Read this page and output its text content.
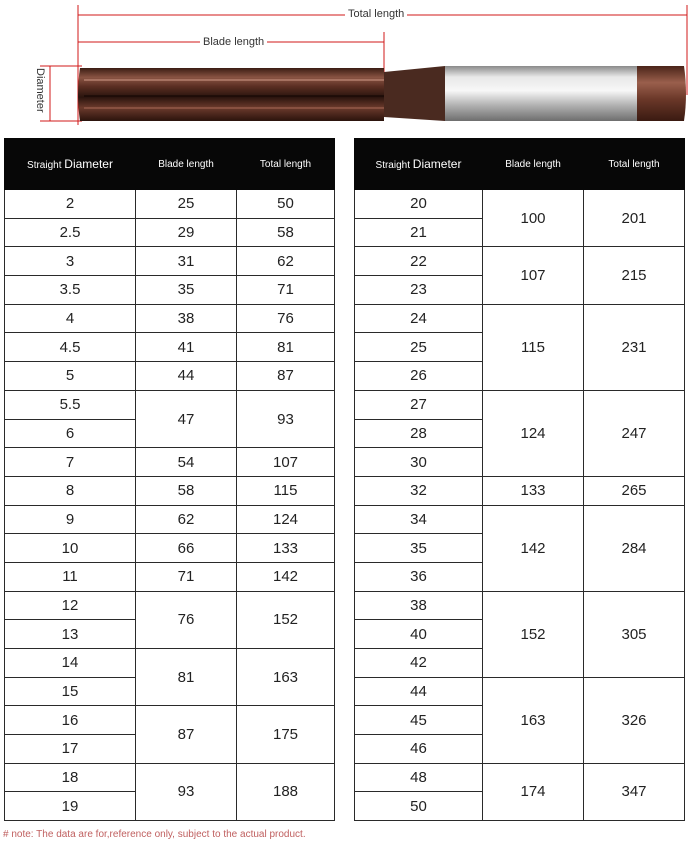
Total length
Blade length
Diameter
Straight Diameter	Blade length	Total length
2	25	50
2.5	29	58
3	31	62
3.5	35	71
4	38	76
4.5	41	81
5	44	87
5.5	47	93
6		
7	54	107
8	58	115
9	62	124
10	66	133
11	71	142
12	76	152
13		
14	81	163
15		
16	87	175
17		
18	93	188
19		
Straight Diameter	Blade length	Total length
20	100	201
21		
22	107	215
23		
24	115	231
25		
26		
27	124	247
28		
30		
32	133	265
34	142	284
35		
36		
38	152	305
40		
42		
44	163	326
45		
46		
48	174	347
50		
# note: The data are for,reference only, subject to the actual product.
